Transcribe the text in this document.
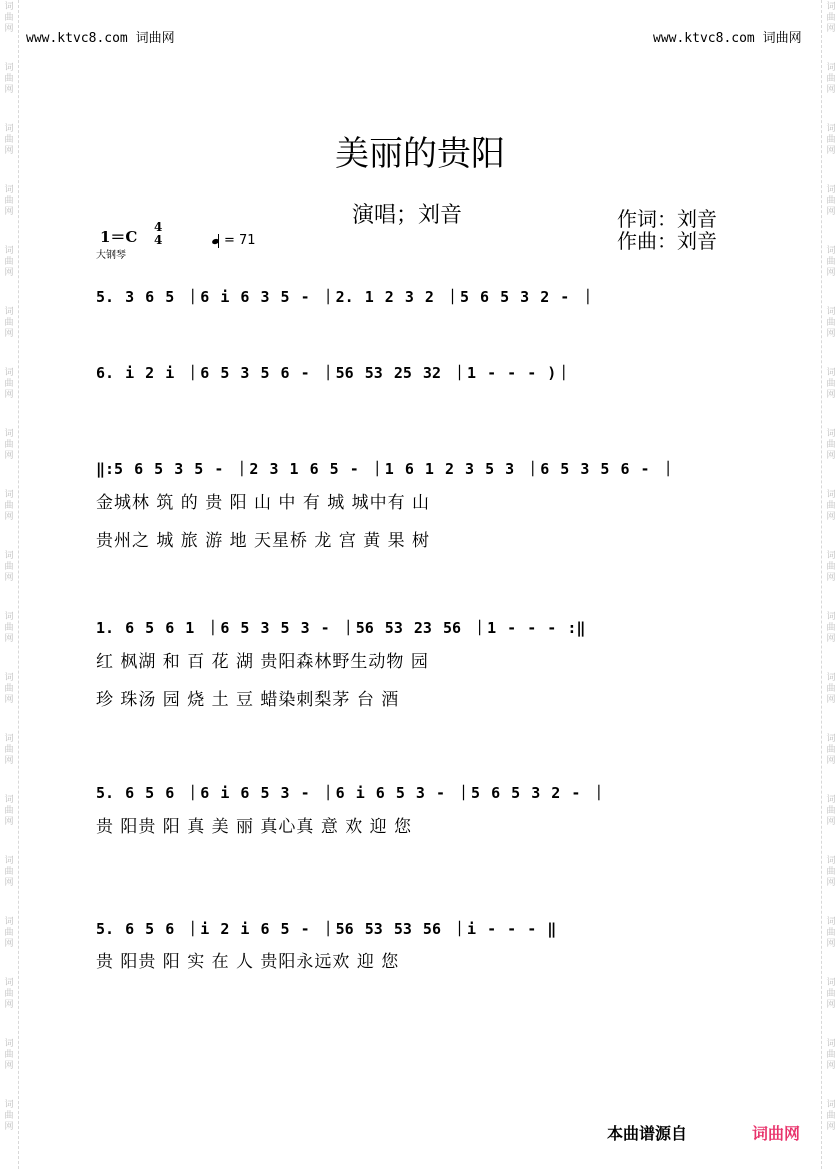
词
曲
网
词
曲
网
词
曲
网
词
曲
网
词
曲
网
词
曲
网
词
曲
网
词
曲
网
词
曲
网
词
曲
网
词
曲
网
词
曲
网
词
曲
网
词
曲
网
词
曲
网
词
曲
网
词
曲
网
词
曲
网
词
曲
网
词
曲
网
词
曲
网
词
曲
网
词
曲
网
词
曲
网
词
曲
网
词
曲
网
词
曲
网
词
曲
网
词
曲
网
词
曲
网
词
曲
网
词
曲
网
词
曲
网
词
曲
网
词
曲
网
词
曲
网
词
曲
网
词
曲
网
www.ktvc8.com 词曲网	www.ktvc8.com 词曲网
美丽的贵阳
演唱；刘音	作词：刘音
作曲：刘音
1＝C
4
4
大钢琴
= 71
5. 3 6 5 ｜6 i 6 3 5 - ｜2. 1 2 3 2 ｜5 6 5 3 2 - ｜
6. i 2 i ｜6 5 3 5 6 - ｜56 53 25 32 ｜1 - - - )｜
‖:5 6 5 3 5 - ｜2 3 1 6 5 - ｜1 6 1 2 3 5 3 ｜6 5 3 5 6 - ｜
金城林 筑 的 贵 阳 山 中 有 城 城中有 山
贵州之 城 旅 游 地 天星桥 龙 宫 黄 果 树
1. 6 5 6 1 ｜6 5 3 5 3 - ｜56 53 23 56 ｜1 - - - :‖
红 枫湖 和 百 花 湖 贵阳森林野生动物 园
珍 珠汤 园 烧 土 豆 蜡染刺梨茅 台 酒
5. 6 5 6 ｜6 i 6 5 3 - ｜6 i 6 5 3 - ｜5 6 5 3 2 - ｜
贵 阳贵 阳 真 美 丽 真心真 意 欢 迎 您
5. 6 5 6 ｜i 2 i 6 5 - ｜56 53 53 56 ｜i - - - ‖
贵 阳贵 阳 实 在 人 贵阳永远欢 迎 您
本曲谱源自	词曲网
